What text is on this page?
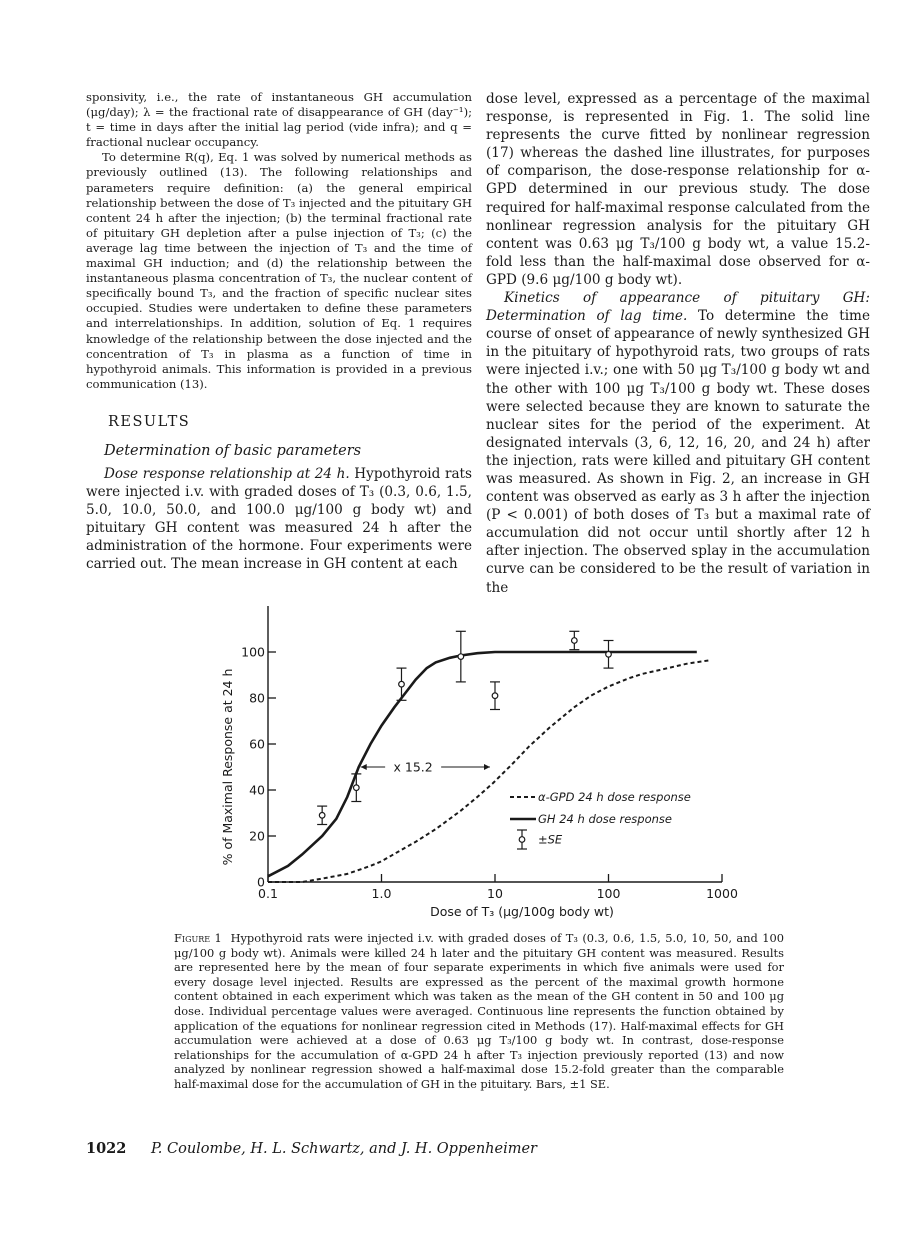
sponsivity, i.e., the rate of instantaneous GH accumulation (μg/day); λ = the fractional rate of disappearance of GH (day⁻¹); t = time in days after the initial lag period (vide infra); and q = fractional nuclear occupancy.

To determine R(q), Eq. 1 was solved by numerical methods as previously outlined (13). The following relationships and parameters require definition: (a) the general empirical relationship between the dose of T₃ injected and the pituitary GH content 24 h after the injection; (b) the terminal fractional rate of pituitary GH depletion after a pulse injection of T₃; (c) the average lag time between the injection of T₃ and the time of maximal GH induction; and (d) the relationship between the instantaneous plasma concentration of T₃, the nuclear content of specifically bound T₃, and the fraction of specific nuclear sites occupied. Studies were undertaken to define these parameters and interrelationships. In addition, solution of Eq. 1 requires knowledge of the relationship between the dose injected and the concentration of T₃ in plasma as a function of time in hypothyroid animals. This information is provided in a previous communication (13).

RESULTS
Determination of basic parameters

Dose response relationship at 24 h. Hypothyroid rats were injected i.v. with graded doses of T₃ (0.3, 0.6, 1.5, 5.0, 10.0, 50.0, and 100.0 μg/100 g body wt) and pituitary GH content was measured 24 h after the administration of the hormone. Four experiments were carried out. The mean increase in GH content at each

dose level, expressed as a percentage of the maximal response, is represented in Fig. 1. The solid line represents the curve fitted by nonlinear regression (17) whereas the dashed line illustrates, for purposes of comparison, the dose-response relationship for α-GPD determined in our previous study. The dose required for half-maximal response calculated from the nonlinear regression analysis for the pituitary GH content was 0.63 μg T₃/100 g body wt, a value 15.2-fold less than the half-maximal dose observed for α-GPD (9.6 μg/100 g body wt).

Kinetics of appearance of pituitary GH: Determination of lag time. To determine the time course of onset of appearance of newly synthesized GH in the pituitary of hypothyroid rats, two groups of rats were injected i.v.; one with 50 μg T₃/100 g body wt and the other with 100 μg T₃/100 g body wt. These doses were selected because they are known to saturate the nuclear sites for the period of the experiment. At designated intervals (3, 6, 12, 16, 20, and 24 h) after the injection, rats were killed and pituitary GH content was measured. As shown in Fig. 2, an increase in GH content was observed as early as 3 h after the injection (P < 0.001) of both doses of T₃ but a maximal rate of accumulation did not occur until shortly after 12 h after injection. The observed splay in the accumulation curve can be considered to be the result of variation in the

0.1	1.0	10	100	1000
0
20
40
60
80
100
Dose of T₃ (μg/100g body wt)
% of Maximal Response at 24 h	x 15.2
α-GPD 24 h dose response
GH 24 h dose response
±SE

Figure 1 Hypothyroid rats were injected i.v. with graded doses of T₃ (0.3, 0.6, 1.5, 5.0, 10, 50, and 100 μg/100 g body wt). Animals were killed 24 h later and the pituitary GH content was measured. Results are represented here by the mean of four separate experiments in which five animals were used for every dosage level injected. Results are expressed as the percent of the maximal growth hormone content obtained in each experiment which was taken as the mean of the GH content in 50 and 100 μg dose. Individual percentage values were averaged. Continuous line represents the function obtained by application of the equations for nonlinear regression cited in Methods (17). Half-maximal effects for GH accumulation were achieved at a dose of 0.63 μg T₃/100 g body wt. In contrast, dose-response relationships for the accumulation of α-GPD 24 h after T₃ injection previously reported (13) and now analyzed by nonlinear regression showed a half-maximal dose 15.2-fold greater than the comparable half-maximal dose for the accumulation of GH in the pituitary. Bars, ±1 SE.

1022 P. Coulombe, H. L. Schwartz, and J. H. Oppenheimer
